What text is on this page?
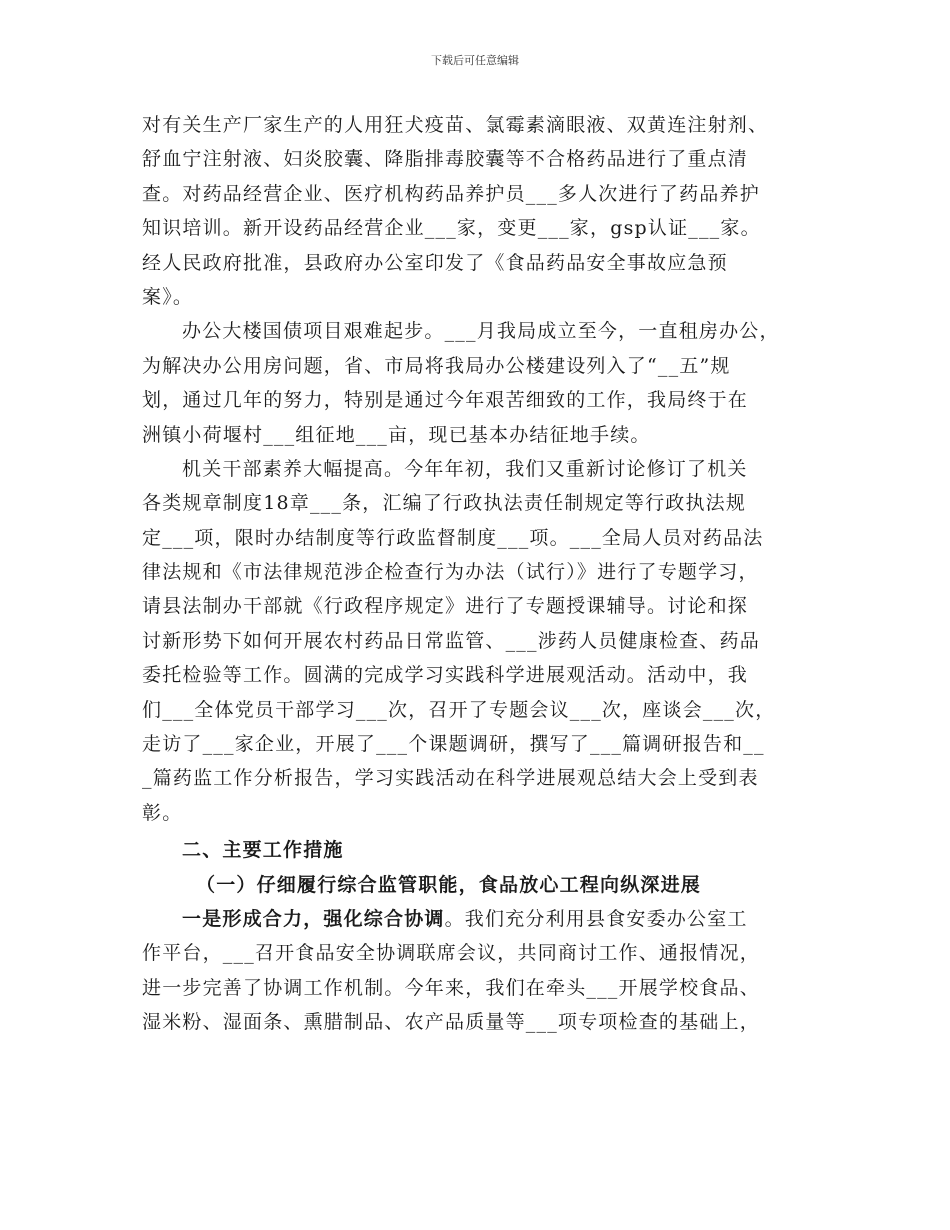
下载后可任意编辑
对有关生产厂家生产的人用狂犬疫苗、氯霉素滴眼液、双黄连注射剂、
舒血宁注射液、妇炎胶囊、降脂排毒胶囊等不合格药品进行了重点清
查。对药品经营企业、医疗机构药品养护员___多人次进行了药品养护
知识培训。新开设药品经营企业___家，变更___家，gsp认证___家。
经人民政府批准，县政府办公室印发了《食品药品安全事故应急预
案》。
办公大楼国债项目艰难起步。___月我局成立至今，一直租房办公，
为解决办公用房问题，省、市局将我局办公楼建设列入了“__五”规
划，通过几年的努力，特别是通过今年艰苦细致的工作，我局终于在
洲镇小荷堰村___组征地___亩，现已基本办结征地手续。
机关干部素养大幅提高。今年年初，我们又重新讨论修订了机关
各类规章制度18章___条，汇编了行政执法责任制规定等行政执法规
定___项，限时办结制度等行政监督制度___项。___全局人员对药品法
律法规和《市法律规范涉企检查行为办法（试行）》进行了专题学习，
请县法制办干部就《行政程序规定》进行了专题授课辅导。讨论和探
讨新形势下如何开展农村药品日常监管、___涉药人员健康检查、药品
委托检验等工作。圆满的完成学习实践科学进展观活动。活动中，我
们___全体党员干部学习___次，召开了专题会议___次，座谈会___次，
走访了___家企业，开展了___个课题调研，撰写了___篇调研报告和__
_篇药监工作分析报告，学习实践活动在科学进展观总结大会上受到表
彰。
二、主要工作措施
（一）仔细履行综合监管职能，食品放心工程向纵深进展
一是形成合力，强化综合协调。我们充分利用县食安委办公室工
作平台，___召开食品安全协调联席会议，共同商讨工作、通报情况，
进一步完善了协调工作机制。今年来，我们在牵头___开展学校食品、
湿米粉、湿面条、熏腊制品、农产品质量等___项专项检查的基础上，
